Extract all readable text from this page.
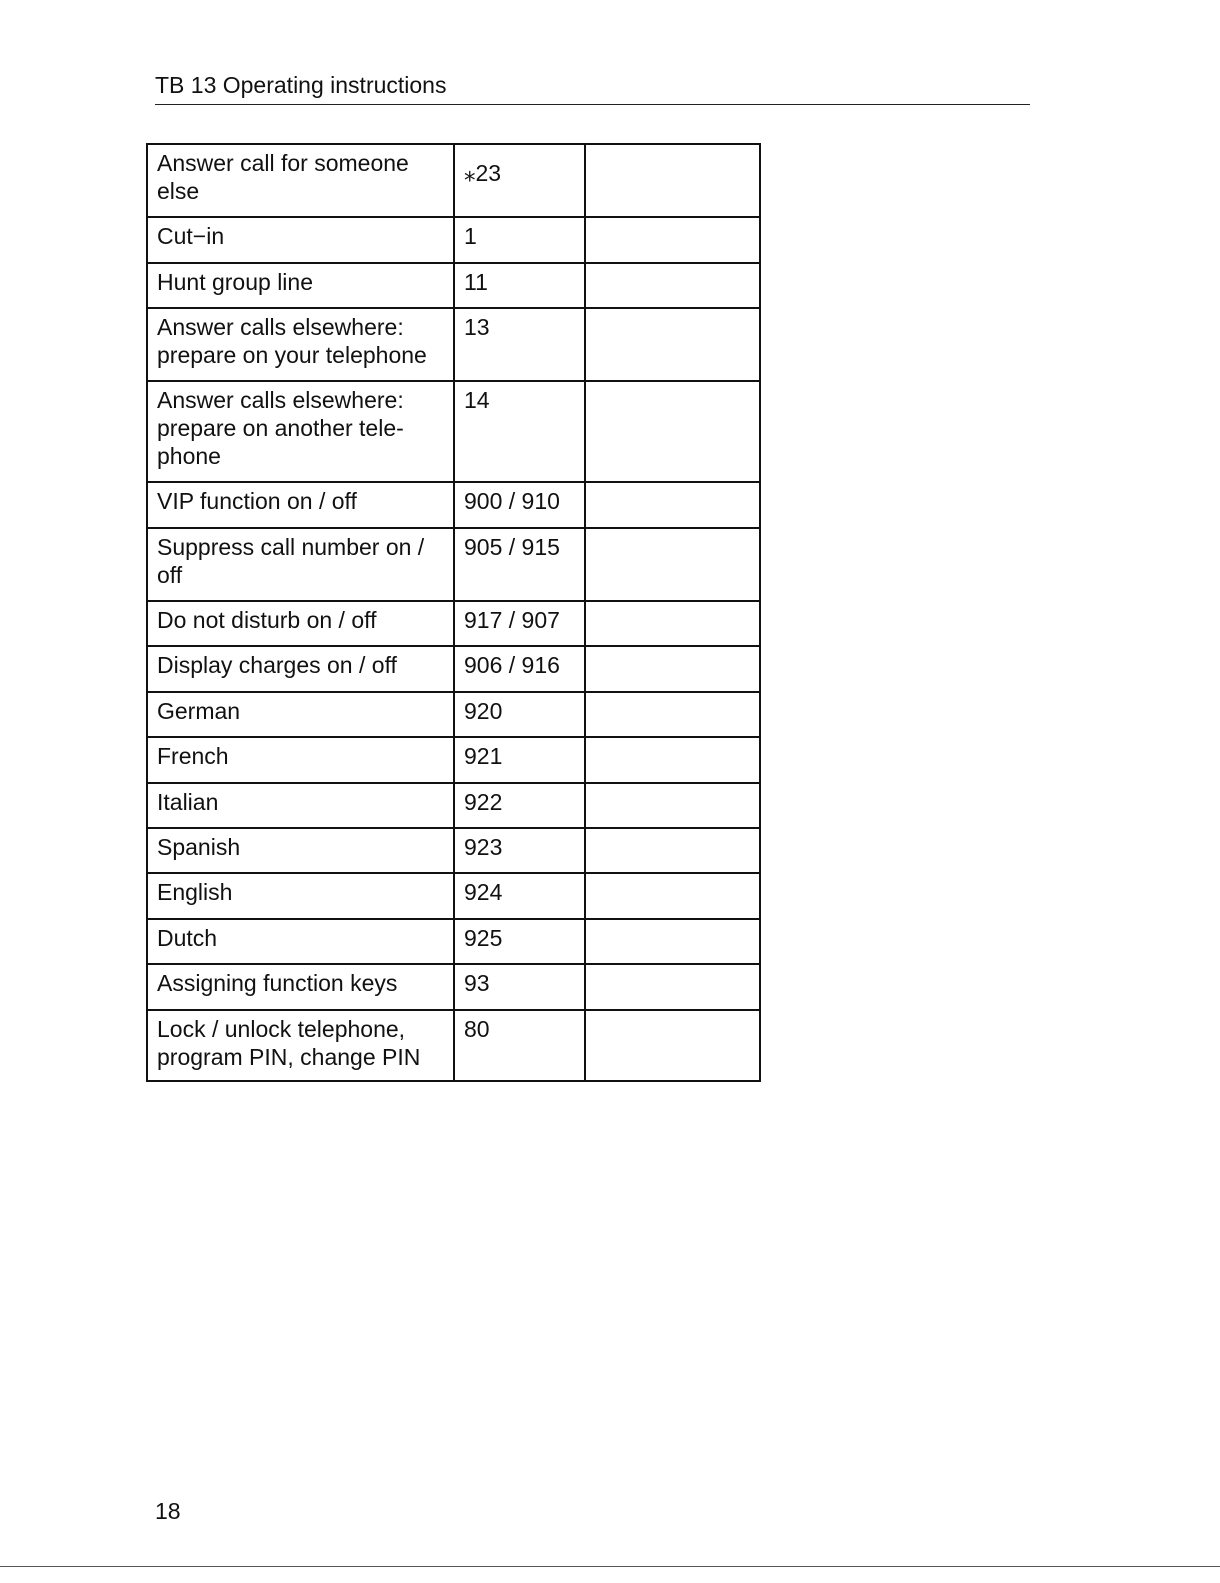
TB 13 Operating instructions
Answer call for someone else	⁎23	
Cut−in	1	
Hunt group line	11	
Answer calls elsewhere: prepare on your telephone	13	
Answer calls elsewhere: prepare on another tele-phone	14	
VIP function on / off	900 / 910	
Suppress call number on / off	905 / 915	
Do not disturb on / off	917 / 907	
Display charges on / off	906 / 916	
German	920	
French	921	
Italian	922	
Spanish	923	
English	924	
Dutch	925	
Assigning function keys	93	
Lock / unlock telephone, program PIN, change PIN	80	
18
